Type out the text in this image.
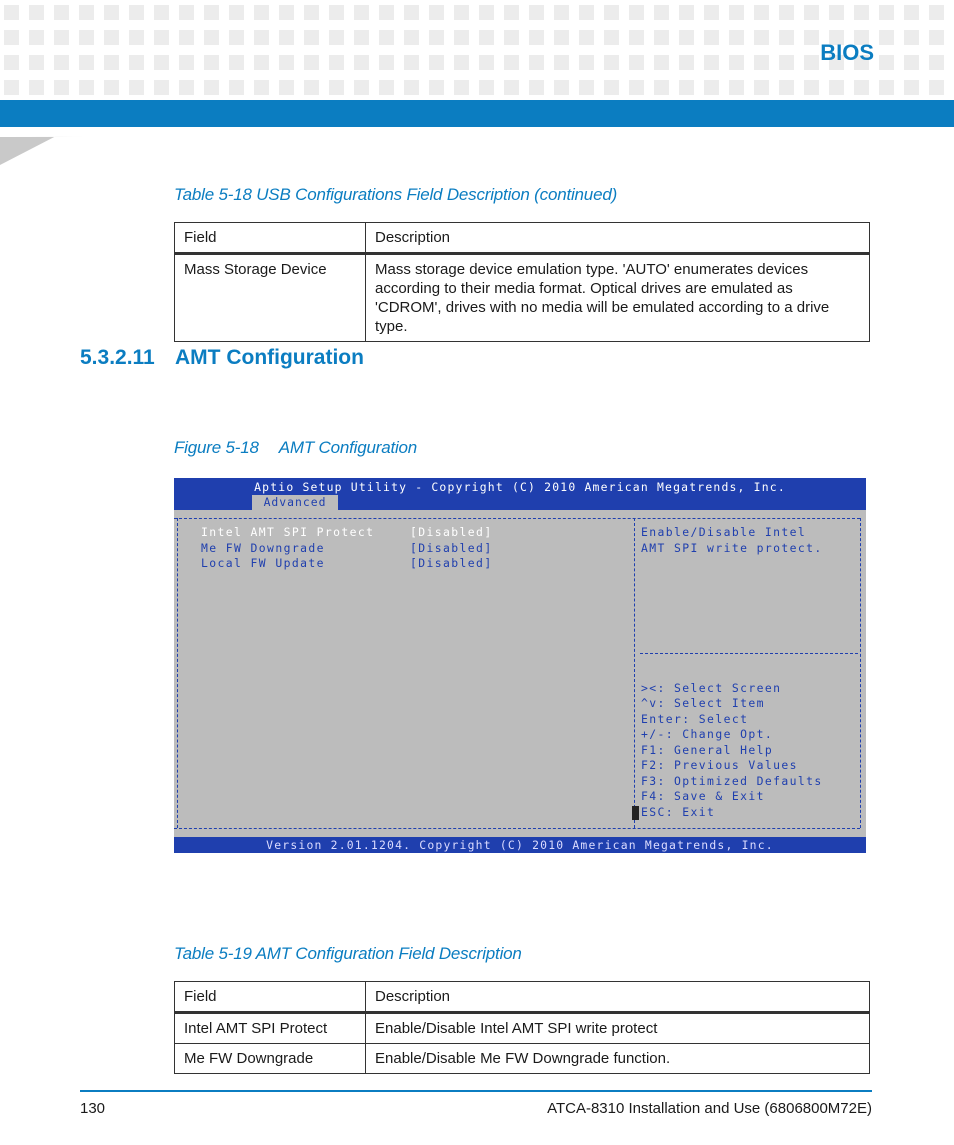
BIOS
Table 5-18 USB Configurations Field Description (continued)
Field	Description
Mass Storage Device	Mass storage device emulation type. 'AUTO' enumerates devices according to their media format. Optical drives are emulated as 'CDROM', drives with no media will be emulated according to a drive type.
5.3.2.11 AMT Configuration
Figure 5-18 AMT Configuration
Aptio Setup Utility - Copyright (C) 2010 American Megatrends, Inc.
Advanced
Intel AMT SPI Protect	[Disabled]
Me FW Downgrade	[Disabled]
Local FW Update	[Disabled]
Enable/Disable Intel
AMT SPI write protect.
><: Select Screen
^v: Select Item
Enter: Select
+/-: Change Opt.
F1: General Help
F2: Previous Values
F3: Optimized Defaults
F4: Save & Exit
ESC: Exit
Version 2.01.1204. Copyright (C) 2010 American Megatrends, Inc.
Table 5-19 AMT Configuration Field Description
Field	Description
Intel AMT SPI Protect	Enable/Disable Intel AMT SPI write protect
Me FW Downgrade	Enable/Disable Me FW Downgrade function.
130	ATCA-8310 Installation and Use (6806800M72E)
